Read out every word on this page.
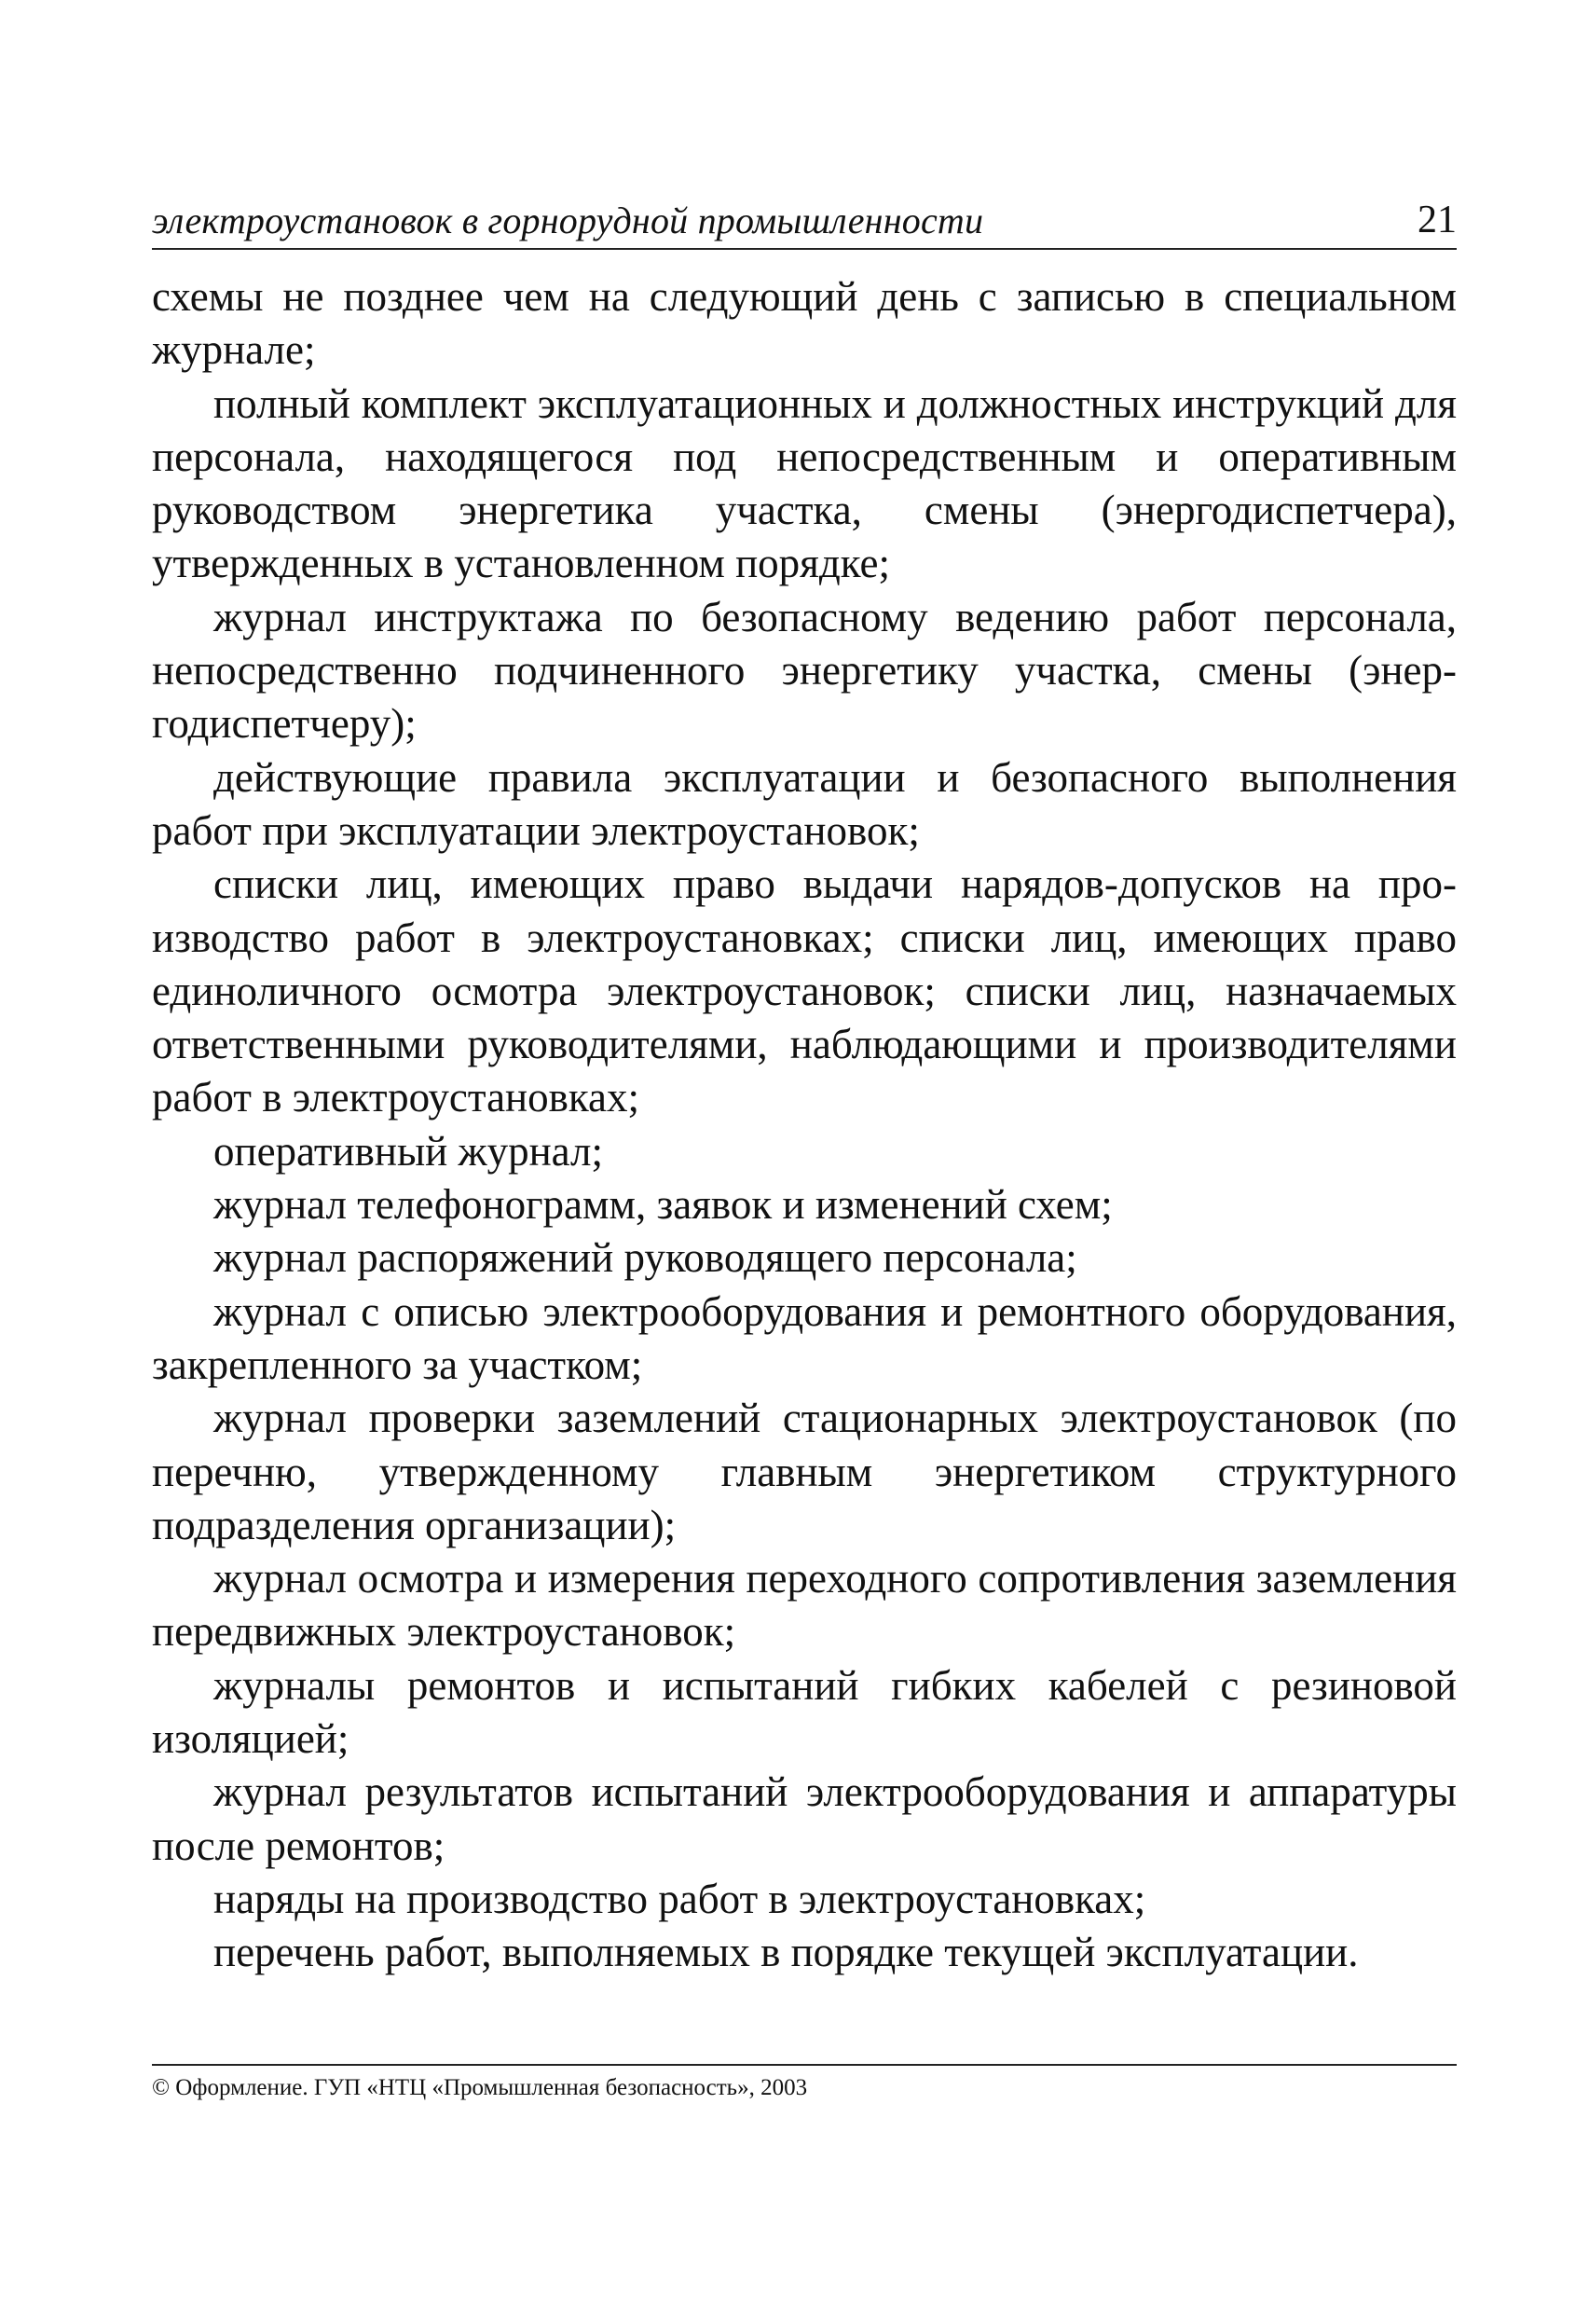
электроустановок в горнорудной промышленности	21

схемы не позднее чем на следующий день с записью в специальном журнале;

полный комплект эксплуатационных и должностных инструкций для персонала, находящегося под непосредственным и оперативным руководством энергетика участка, смены (энергодиспетчера), утвержденных в установленном порядке;

журнал инструктажа по безопасному ведению работ персонала, непосредственно подчиненного энергетику участка, смены (энергодиспетчеру);

действующие правила эксплуатации и безопасного выполнения работ при эксплуатации электроустановок;

списки лиц, имеющих право выдачи нарядов-допусков на производство работ в электроустановках; списки лиц, имеющих право единоличного осмотра электроустановок; списки лиц, назначаемых ответственными руководителями, наблюдающими и производителями работ в электроустановках;

оперативный журнал;

журнал телефонограмм, заявок и изменений схем;

журнал распоряжений руководящего персонала;

журнал с описью электрооборудования и ремонтного оборудования, закрепленного за участком;

журнал проверки заземлений стационарных электроустановок (по перечню, утвержденному главным энергетиком структурного подразделения организации);

журнал осмотра и измерения переходного сопротивления заземления передвижных электроустановок;

журналы ремонтов и испытаний гибких кабелей с резиновой изоляцией;

журнал результатов испытаний электрооборудования и аппаратуры после ремонтов;

наряды на производство работ в электроустановках;

перечень работ, выполняемых в порядке текущей эксплуатации.

© Оформление. ГУП «НТЦ «Промышленная безопасность», 2003
